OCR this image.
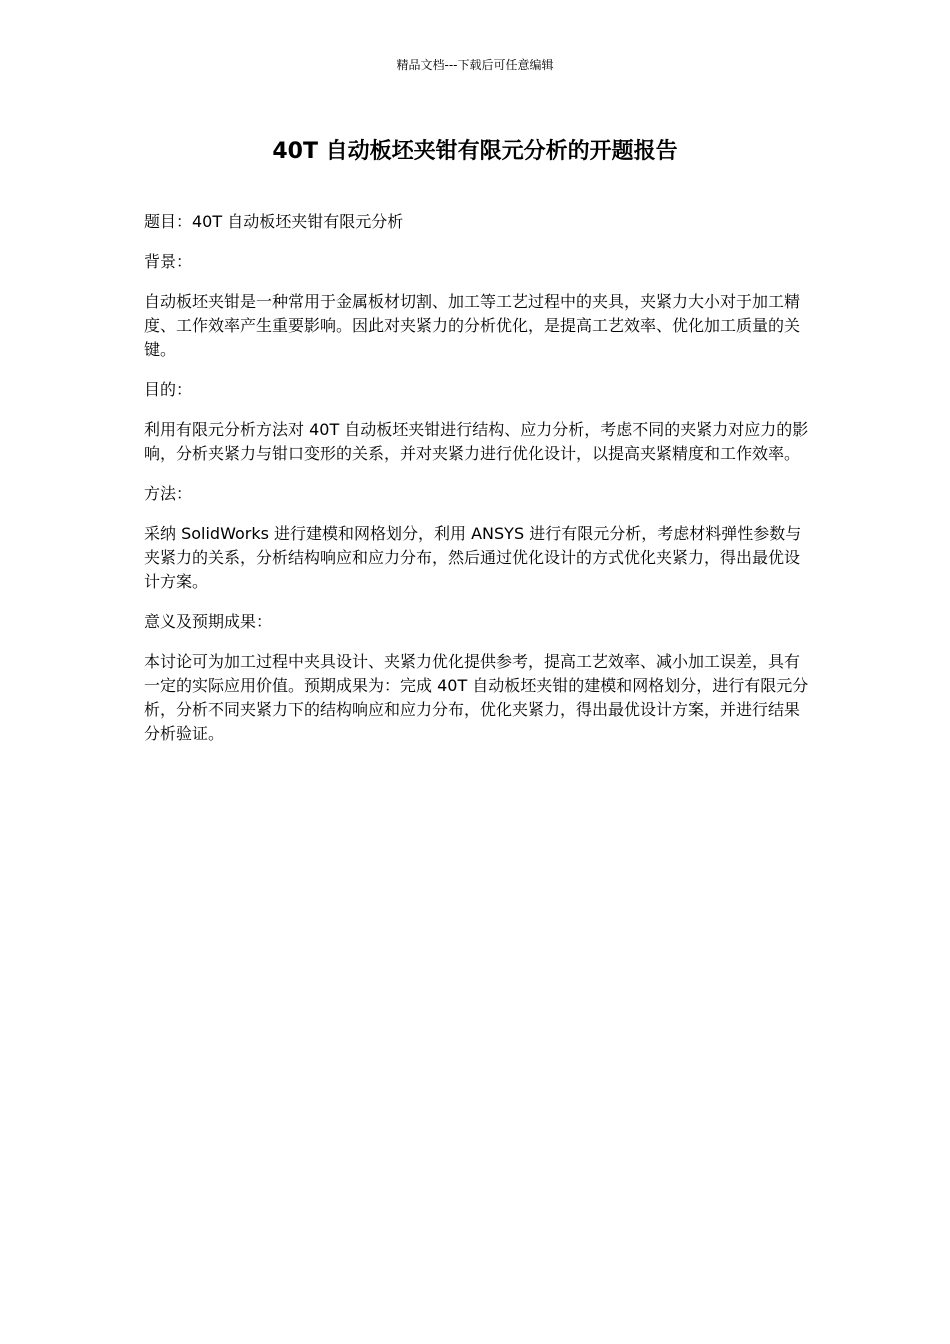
精品文档---下载后可任意编辑
40T 自动板坯夹钳有限元分析的开题报告

题目：40T 自动板坯夹钳有限元分析

背景：

自动板坯夹钳是一种常用于金属板材切割、加工等工艺过程中的夹具，夹紧力大小对于加工精度、工作效率产生重要影响。因此对夹紧力的分析优化，是提高工艺效率、优化加工质量的关键。

目的：

利用有限元分析方法对 40T 自动板坯夹钳进行结构、应力分析，考虑不同的夹紧力对应力的影响，分析夹紧力与钳口变形的关系，并对夹紧力进行优化设计，以提高夹紧精度和工作效率。

方法：

采纳 SolidWorks 进行建模和网格划分，利用 ANSYS 进行有限元分析，考虑材料弹性参数与夹紧力的关系，分析结构响应和应力分布，然后通过优化设计的方式优化夹紧力，得出最优设计方案。

意义及预期成果：

本讨论可为加工过程中夹具设计、夹紧力优化提供参考，提高工艺效率、减小加工误差，具有一定的实际应用价值。预期成果为：完成 40T 自动板坯夹钳的建模和网格划分，进行有限元分析，分析不同夹紧力下的结构响应和应力分布，优化夹紧力，得出最优设计方案，并进行结果分析验证。
